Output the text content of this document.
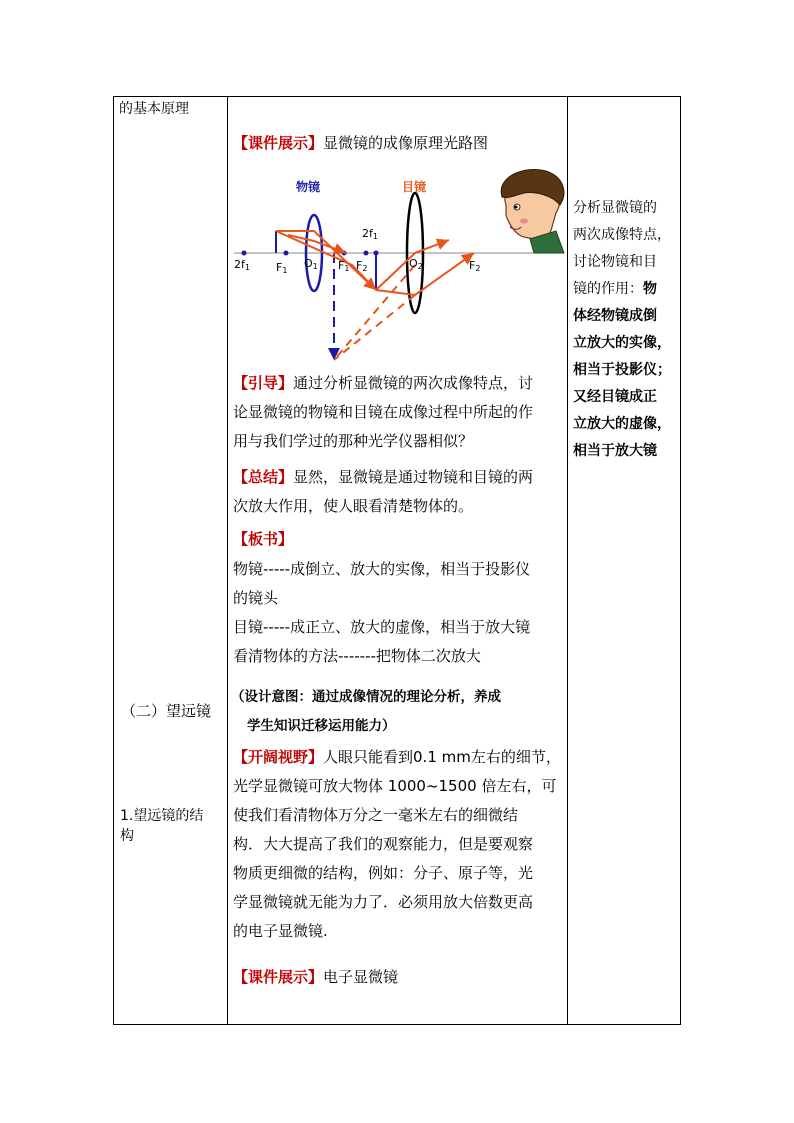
的基本原理
（二）望远镜
1.望远镜的结
构
【课件展示】显微镜的成像原理光路图
物镜	目镜
2f1
2f1
F1
O1 F1 F2	O2	F2
【引导】通过分析显微镜的两次成像特点，讨
论显微镜的物镜和目镜在成像过程中所起的作
用与我们学过的那种光学仪器相似？
【总结】显然，显微镜是通过物镜和目镜的两
次放大作用，使人眼看清楚物体的。
【板书】
物镜-----成倒立、放大的实像，相当于投影仪
的镜头
目镜-----成正立、放大的虚像，相当于放大镜
看清物体的方法-------把物体二次放大
（设计意图：通过成像情况的理论分析，养成
学生知识迁移运用能力）
【开阔视野】人眼只能看到0.1 mm左右的细节，
光学显微镜可放大物体 1000~1500 倍左右，可
使我们看清物体万分之一毫米左右的细微结
构．大大提高了我们的观察能力，但是要观察
物质更细微的结构，例如：分子、原子等，光
学显微镜就无能为力了．必须用放大倍数更高
的电子显微镜.
【课件展示】电子显微镜
分析显微镜的
两次成像特点，
讨论物镜和目
镜的作用：物
体经物镜成倒
立放大的实像，
相当于投影仪；
又经目镜成正
立放大的虚像，
相当于放大镜
